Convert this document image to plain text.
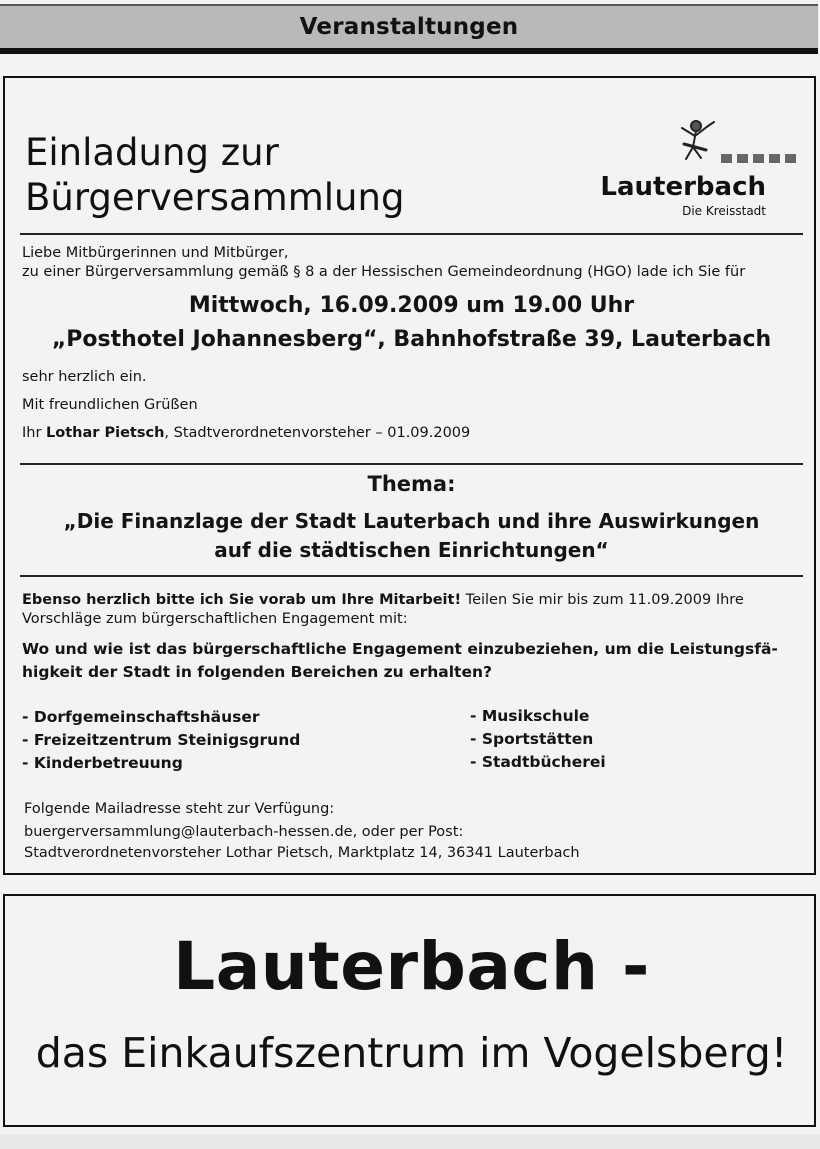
Veranstaltungen
Einladung zur
Bürgerversammlung	Lauterbach
Die Kreisstadt
Liebe Mitbürgerinnen und Mitbürger,
zu einer Bürgerversammlung gemäß § 8 a der Hessischen Gemeindeordnung (HGO) lade ich Sie für
Mittwoch, 16.09.2009 um 19.00 Uhr
„Posthotel Johannesberg“, Bahnhofstraße 39, Lauterbach
sehr herzlich ein.
Mit freundlichen Grüßen
Ihr Lothar Pietsch, Stadtverordnetenvorsteher – 01.09.2009
Thema:
„Die Finanzlage der Stadt Lauterbach und ihre Auswirkungen
auf die städtischen Einrichtungen“
Ebenso herzlich bitte ich Sie vorab um Ihre Mitarbeit! Teilen Sie mir bis zum 11.09.2009 Ihre
Vorschläge zum bürgerschaftlichen Engagement mit:
Wo und wie ist das bürgerschaftliche Engagement einzubeziehen, um die Leistungsfä-
higkeit der Stadt in folgenden Bereichen zu erhalten?
- Dorfgemeinschaftshäuser
- Freizeitzentrum Steinigsgrund
- Kinderbetreuung
- Musikschule
- Sportstätten
- Stadtbücherei
Folgende Mailadresse steht zur Verfügung:
buergerversammlung@lauterbach-hessen.de, oder per Post:
Stadtverordnetenvorsteher Lothar Pietsch, Marktplatz 14, 36341 Lauterbach
Lauterbach -
das Einkaufszentrum im Vogelsberg!
